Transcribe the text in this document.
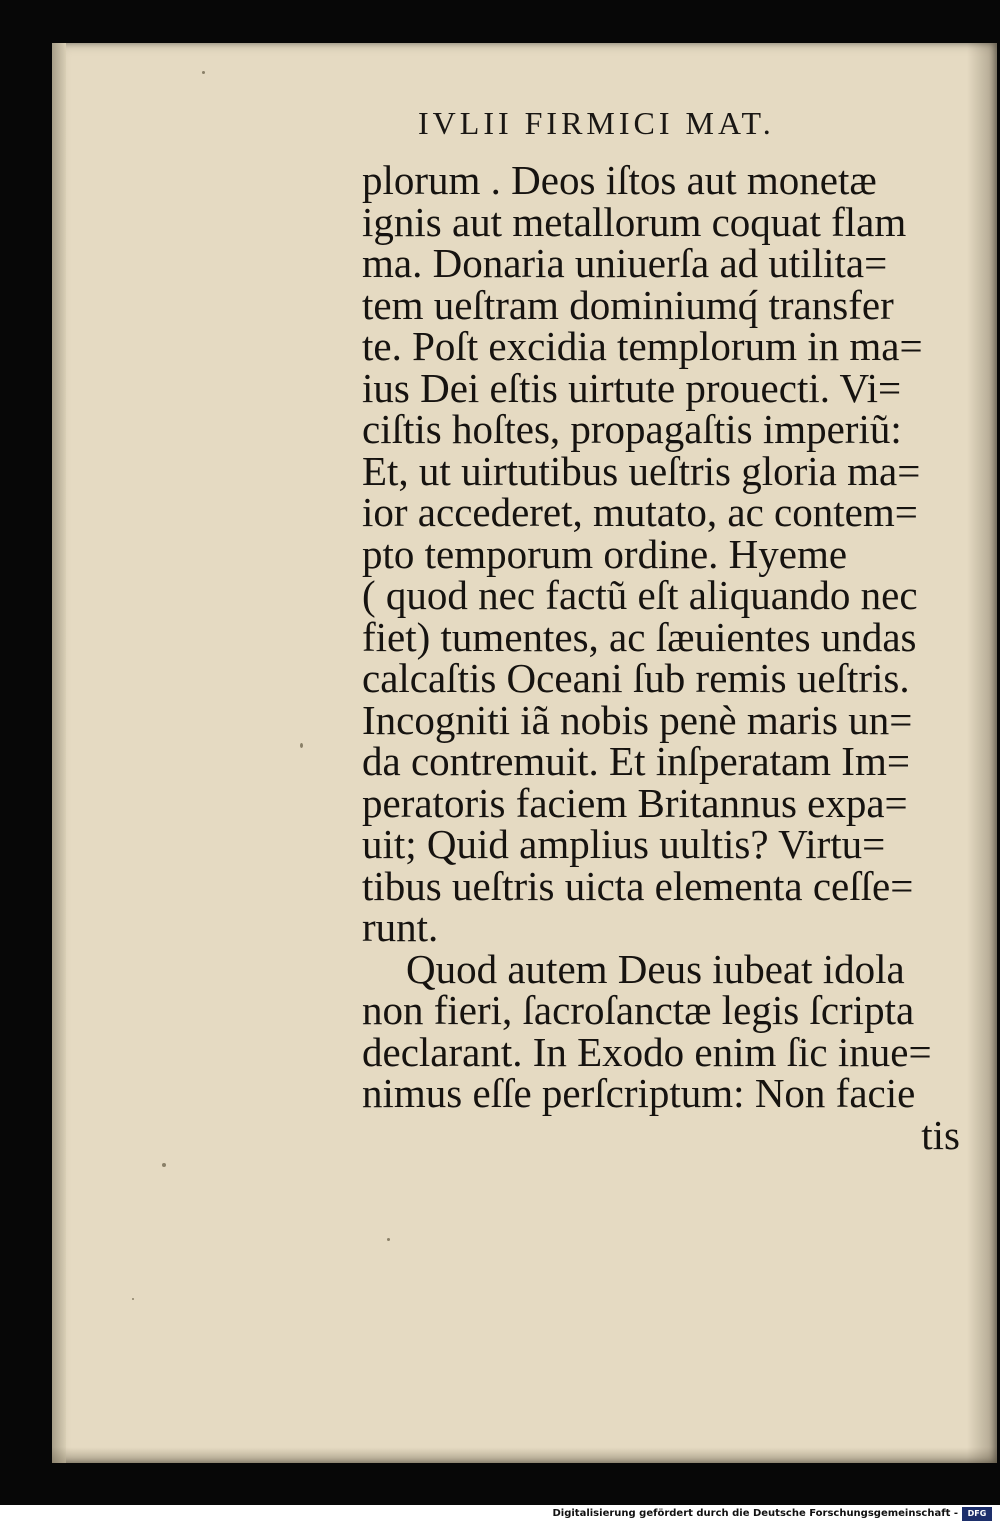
IVLII FIRMICI MAT.
plorum . Deos iſtos aut monetæ
ignis aut metallorum coquat flam
ma. Donaria uniuerſa ad utilita=
tem ueſtram dominiumq́ transfer
te. Poſt excidia templorum in ma=
ius Dei eſtis uirtute prouecti. Vi=
ciſtis hoſtes, propagaſtis imperiũ:
Et, ut uirtutibus ueſtris gloria ma=
ior accederet, mutato, ac contem=
pto temporum ordine. Hyeme
( quod nec factũ eſt aliquando nec
fiet) tumentes, ac ſæuientes undas
calcaſtis Oceani ſub remis ueſtris.
Incogniti iã nobis penè maris un=
da contremuit. Et inſperatam Im=
peratoris faciem Britannus expa=
uit; Quid amplius uultis? Virtu=
tibus ueſtris uicta elementa ceſſe=
runt.
Quod autem Deus iubeat idola
non fieri, ſacroſanctæ legis ſcripta
declarant. In Exodo enim ſic inue=
nimus eſſe perſcriptum: Non facie
tis
Digitalisierung gefördert durch die Deutsche Forschungsgemeinschaft -	DFG
